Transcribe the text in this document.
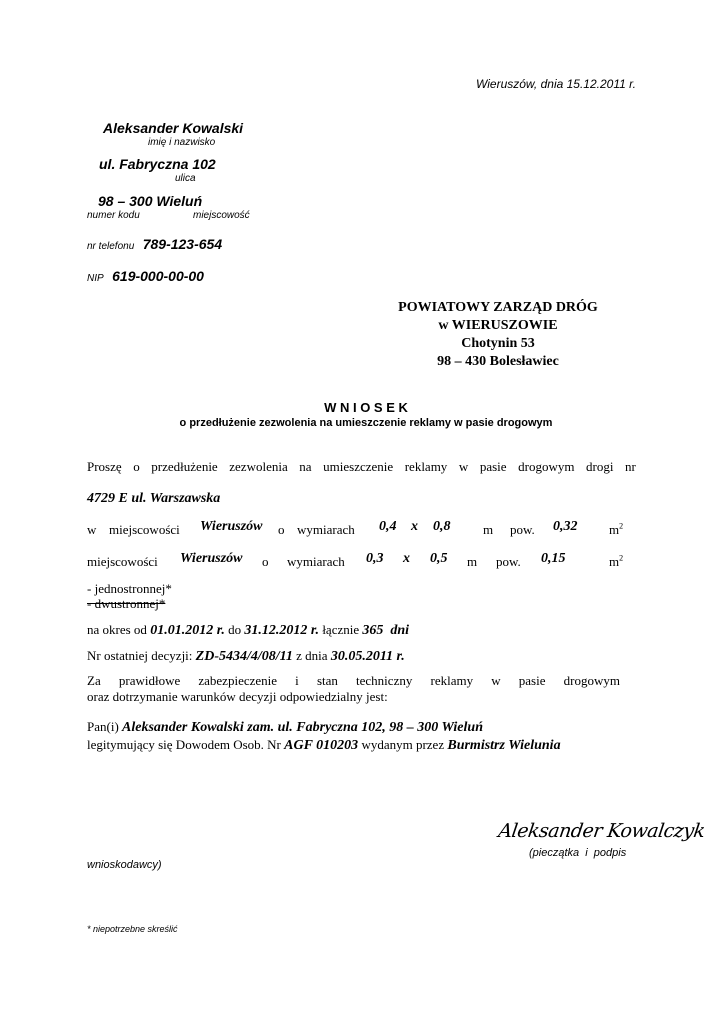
Wieruszów, dnia 15.12.2011 r.
Aleksander Kowalski
imię i nazwisko
ul. Fabryczna 102
ulica
98 – 300 Wieluń
numer kodu	miejscowość
nr telefonu 789-123-654
NIP 619-000-00-00
POWIATOWY ZARZĄD DRÓG
w WIERUSZOWIE
Chotynin 53
98 – 430 Bolesławiec
W N I O S E K
o przedłużenie zezwolenia na umieszczenie reklamy w pasie drogowym
Proszę o przedłużenie zezwolenia na umieszczenie reklamy w pasie drogowym drogi nr
4729 E ul. Warszawska
w miejscowości Wieruszów o wymiarach 0,4 x 0,8	m pow. 0,32 $m^2$
miejscowości Wieruszów o wymiarach 0,3 x 0,5 m pow. 0,15	$m^2$
- jednostronnej*
- dwustronnej*
na okres od 01.01.2012 r. do 31.12.2012 r. łącznie 365  dni
Nr ostatniej decyzji: ZD-5434/4/08/11 z dnia 30.05.2011 r.
Za prawidłowe zabezpieczenie i stan techniczny reklamy w pasie drogowym
oraz dotrzymanie warunków decyzji odpowiedzialny jest:
Pan(i) Aleksander Kowalski zam. ul. Fabryczna 102, 98 – 300 Wieluń
legitymujący się Dowodem Osob. Nr AGF 010203 wydanym przez Burmistrz Wielunia
Aleksander Kowalczyk
(pieczątka  i  podpis
wnioskodawcy)
* niepotrzebne skreślić
